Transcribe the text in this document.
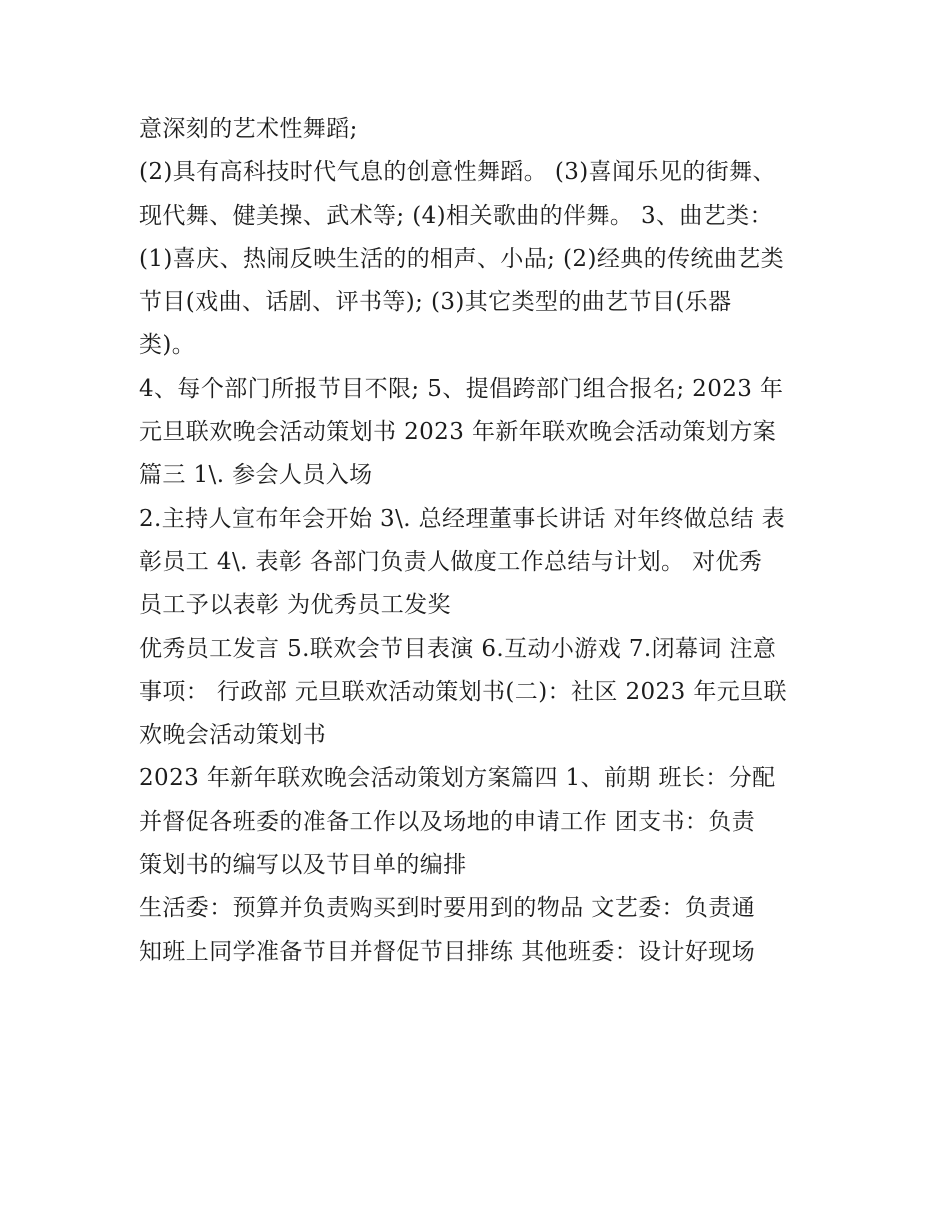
意深刻的艺术性舞蹈;
(2)具有高科技时代气息的创意性舞蹈。 (3)喜闻乐见的街舞、
现代舞、健美操、武术等; (4)相关歌曲的伴舞。 3、曲艺类：
(1)喜庆、热闹反映生活的的相声、小品; (2)经典的传统曲艺类
节目(戏曲、话剧、评书等); (3)其它类型的曲艺节目(乐器
类)。
4、每个部门所报节目不限; 5、提倡跨部门组合报名; 2023 年
元旦联欢晚会活动策划书 2023 年新年联欢晚会活动策划方案
篇三 1\. 参会人员入场
2.主持人宣布年会开始 3\. 总经理董事长讲话 对年终做总结 表
彰员工 4\. 表彰 各部门负责人做度工作总结与计划。 对优秀
员工予以表彰 为优秀员工发奖
优秀员工发言 5.联欢会节目表演 6.互动小游戏 7.闭幕词 注意
事项： 行政部 元旦联欢活动策划书(二)：社区 2023 年元旦联
欢晚会活动策划书
2023 年新年联欢晚会活动策划方案篇四 1、前期 班长：分配
并督促各班委的准备工作以及场地的申请工作 团支书：负责
策划书的编写以及节目单的编排
生活委：预算并负责购买到时要用到的物品 文艺委：负责通
知班上同学准备节目并督促节目排练 其他班委：设计好现场
